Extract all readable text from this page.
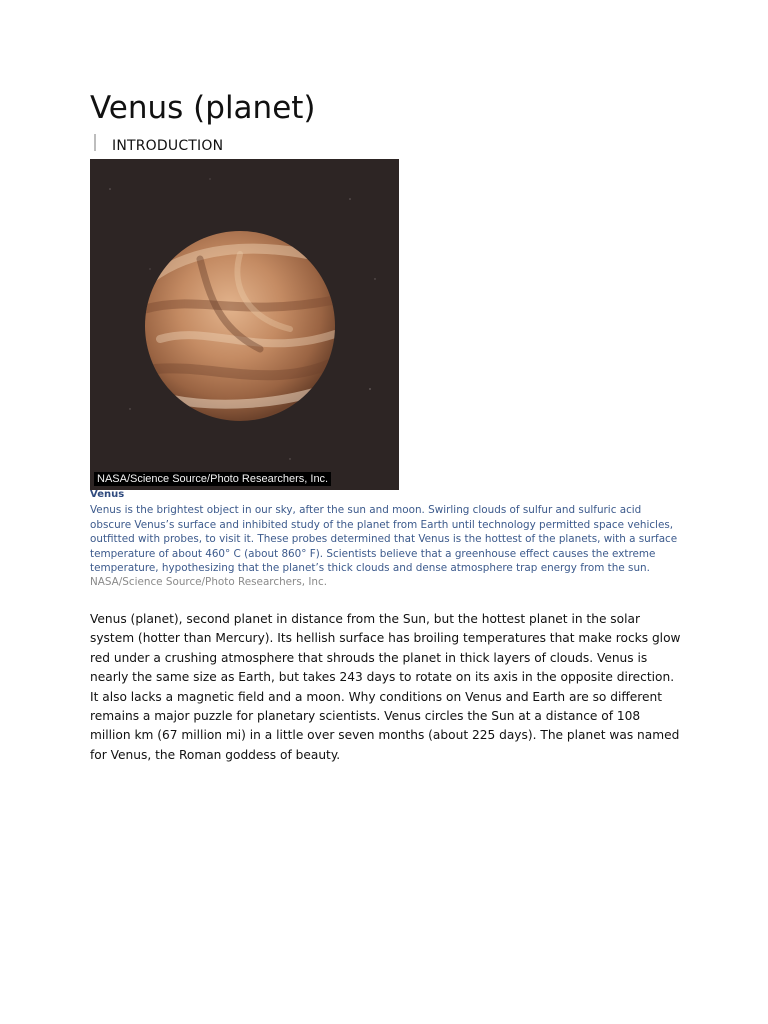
Venus (planet)
INTRODUCTION
NASA/Science Source/Photo Researchers, Inc.
Venus

Venus is the brightest object in our sky, after the sun and moon. Swirling clouds of sulfur and sulfuric acid obscure Venus’s surface and inhibited study of the planet from Earth until technology permitted space vehicles, outfitted with probes, to visit it. These probes determined that Venus is the hottest of the planets, with a surface temperature of about 460° C (about 860° F). Scientists believe that a greenhouse effect causes the extreme temperature, hypothesizing that the planet’s thick clouds and dense atmosphere trap energy from the sun.

NASA/Science Source/Photo Researchers, Inc.

Venus (planet), second planet in distance from the Sun, but the hottest planet in the solar system (hotter than Mercury). Its hellish surface has broiling temperatures that make rocks glow red under a crushing atmosphere that shrouds the planet in thick layers of clouds. Venus is nearly the same size as Earth, but takes 243 days to rotate on its axis in the opposite direction. It also lacks a magnetic field and a moon. Why conditions on Venus and Earth are so different remains a major puzzle for planetary scientists. Venus circles the Sun at a distance of 108 million km (67 million mi) in a little over seven months (about 225 days). The planet was named for Venus, the Roman goddess of beauty.
